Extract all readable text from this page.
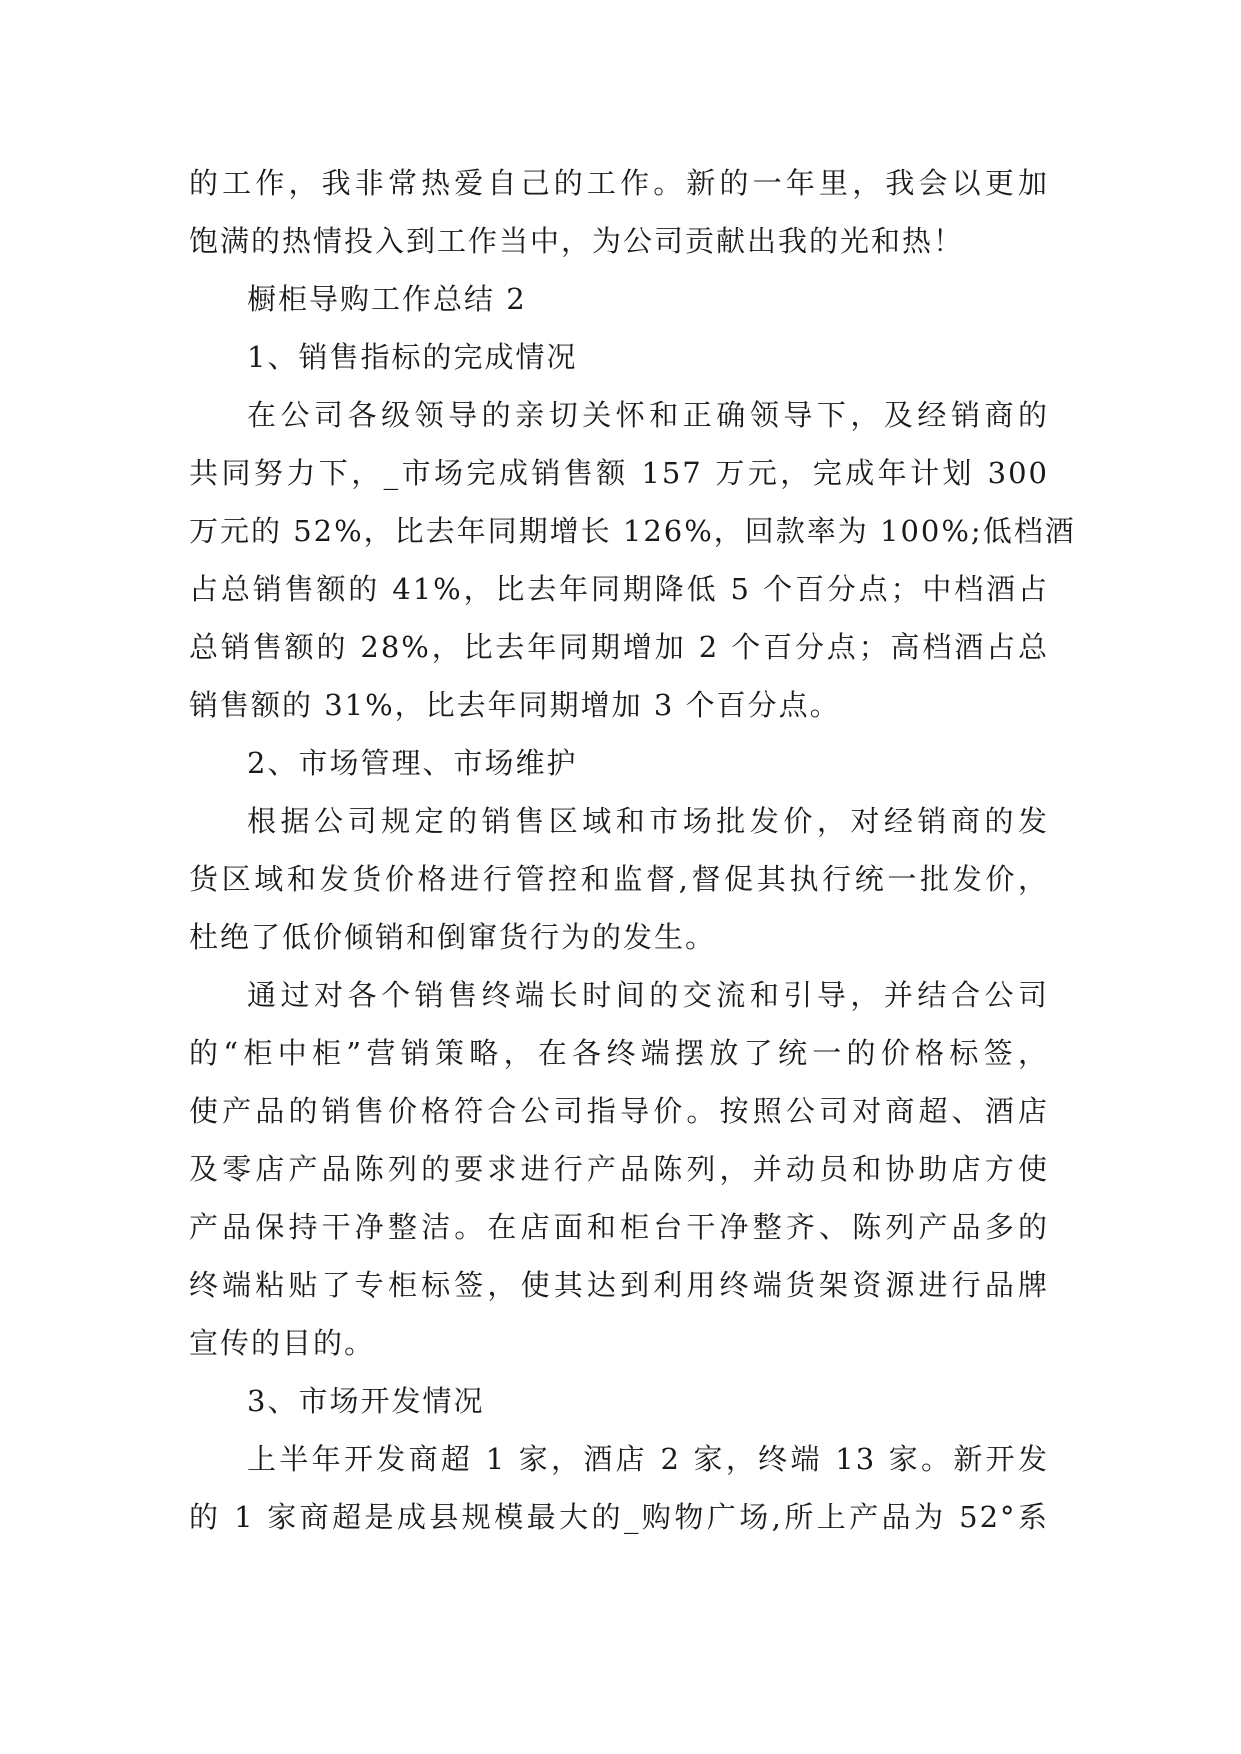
的工作，我非常热爱自己的工作。新的一年里，我会以更加
饱满的热情投入到工作当中，为公司贡献出我的光和热！
橱柜导购工作总结 2
1、销售指标的完成情况
在公司各级领导的亲切关怀和正确领导下，及经销商的
共同努力下，_市场完成销售额 157 万元，完成年计划 300
万元的 52%，比去年同期增长 126%，回款率为 100%;低档酒
占总销售额的 41%，比去年同期降低 5 个百分点；中档酒占
总销售额的 28%，比去年同期增加 2 个百分点；高档酒占总
销售额的 31%，比去年同期增加 3 个百分点。
2、市场管理、市场维护
根据公司规定的销售区域和市场批发价，对经销商的发
货区域和发货价格进行管控和监督,督促其执行统一批发价，
杜绝了低价倾销和倒窜货行为的发生。
通过对各个销售终端长时间的交流和引导，并结合公司
的“柜中柜”营销策略，在各终端摆放了统一的价格标签，
使产品的销售价格符合公司指导价。按照公司对商超、酒店
及零店产品陈列的要求进行产品陈列，并动员和协助店方使
产品保持干净整洁。在店面和柜台干净整齐、陈列产品多的
终端粘贴了专柜标签，使其达到利用终端货架资源进行品牌
宣传的目的。
3、市场开发情况
上半年开发商超 1 家，酒店 2 家，终端 13 家。新开发
的 1 家商超是成县规模最大的_购物广场,所上产品为 52°系
